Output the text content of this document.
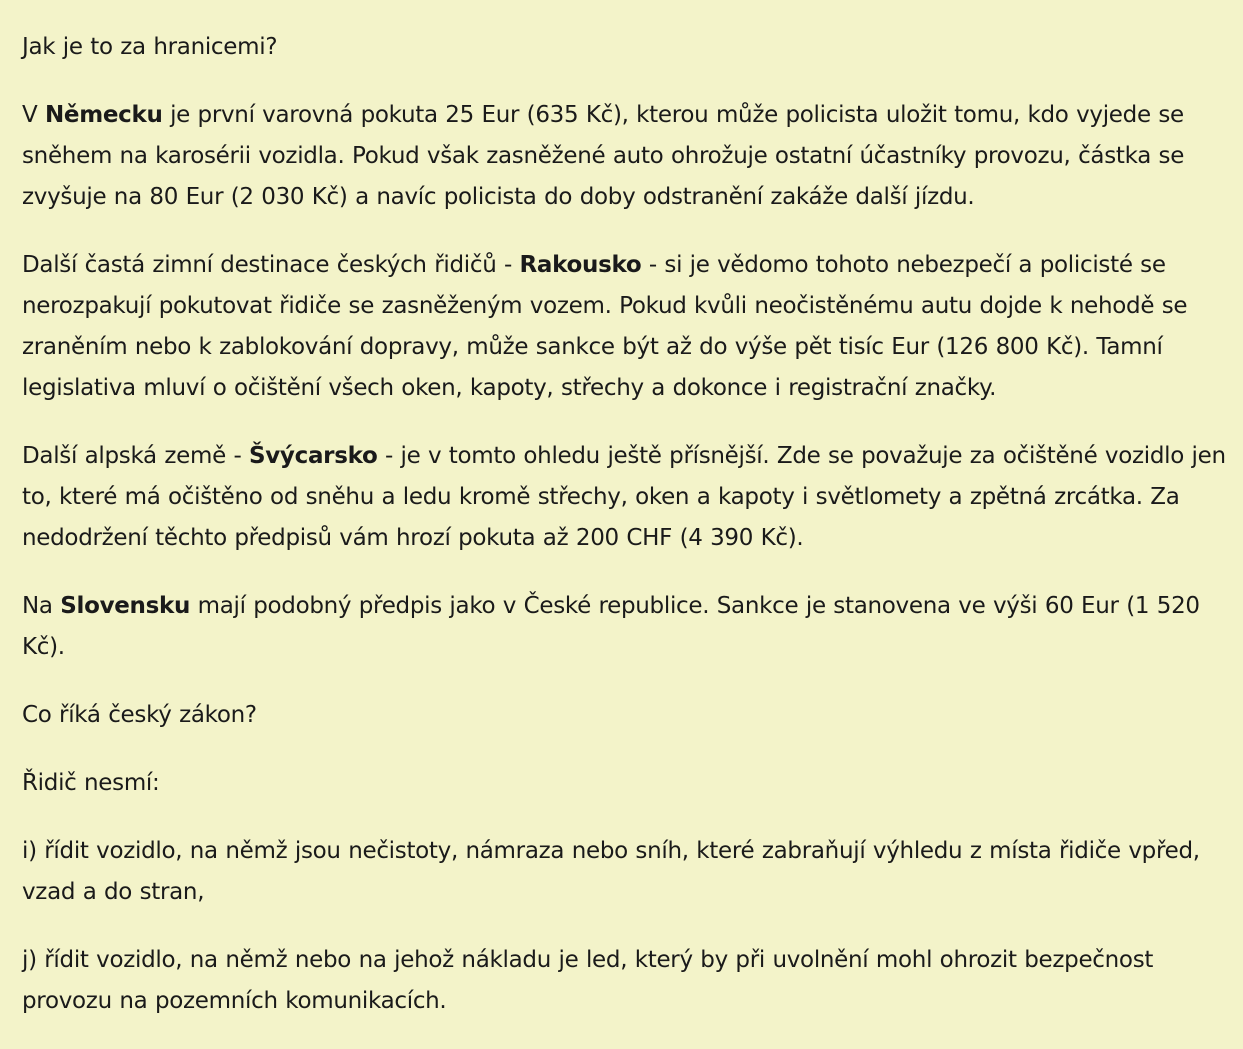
Jak je to za hranicemi?

V Německu je první varovná pokuta 25 Eur (635 Kč), kterou může policista uložit tomu, kdo vyjede se sněhem na karosérii vozidla. Pokud však zasněžené auto ohrožuje ostatní účastníky provozu, částka se zvyšuje na 80 Eur (2 030 Kč) a navíc policista do doby odstranění zakáže další jízdu.

Další častá zimní destinace českých řidičů - Rakousko - si je vědomo tohoto nebezpečí a policisté se nerozpakují pokutovat řidiče se zasněženým vozem. Pokud kvůli neočistěnému autu dojde k nehodě se zraněním nebo k zablokování dopravy, může sankce být až do výše pět tisíc Eur (126 800 Kč). Tamní legislativa mluví o očištění všech oken, kapoty, střechy a dokonce i registrační značky.

Další alpská země - Švýcarsko - je v tomto ohledu ještě přísnější. Zde se považuje za očištěné vozidlo jen to, které má očištěno od sněhu a ledu kromě střechy, oken a kapoty i světlomety a zpětná zrcátka. Za nedodržení těchto předpisů vám hrozí pokuta až 200 CHF (4 390 Kč).

Na Slovensku mají podobný předpis jako v České republice. Sankce je stanovena ve výši 60 Eur (1 520 Kč).

Co říká český zákon?

Řidič nesmí:

i) řídit vozidlo, na němž jsou nečistoty, námraza nebo sníh, které zabraňují výhledu z místa řidiče vpřed, vzad a do stran,

j) řídit vozidlo, na němž nebo na jehož nákladu je led, který by při uvolnění mohl ohrozit bezpečnost provozu na pozemních komunikacích.
